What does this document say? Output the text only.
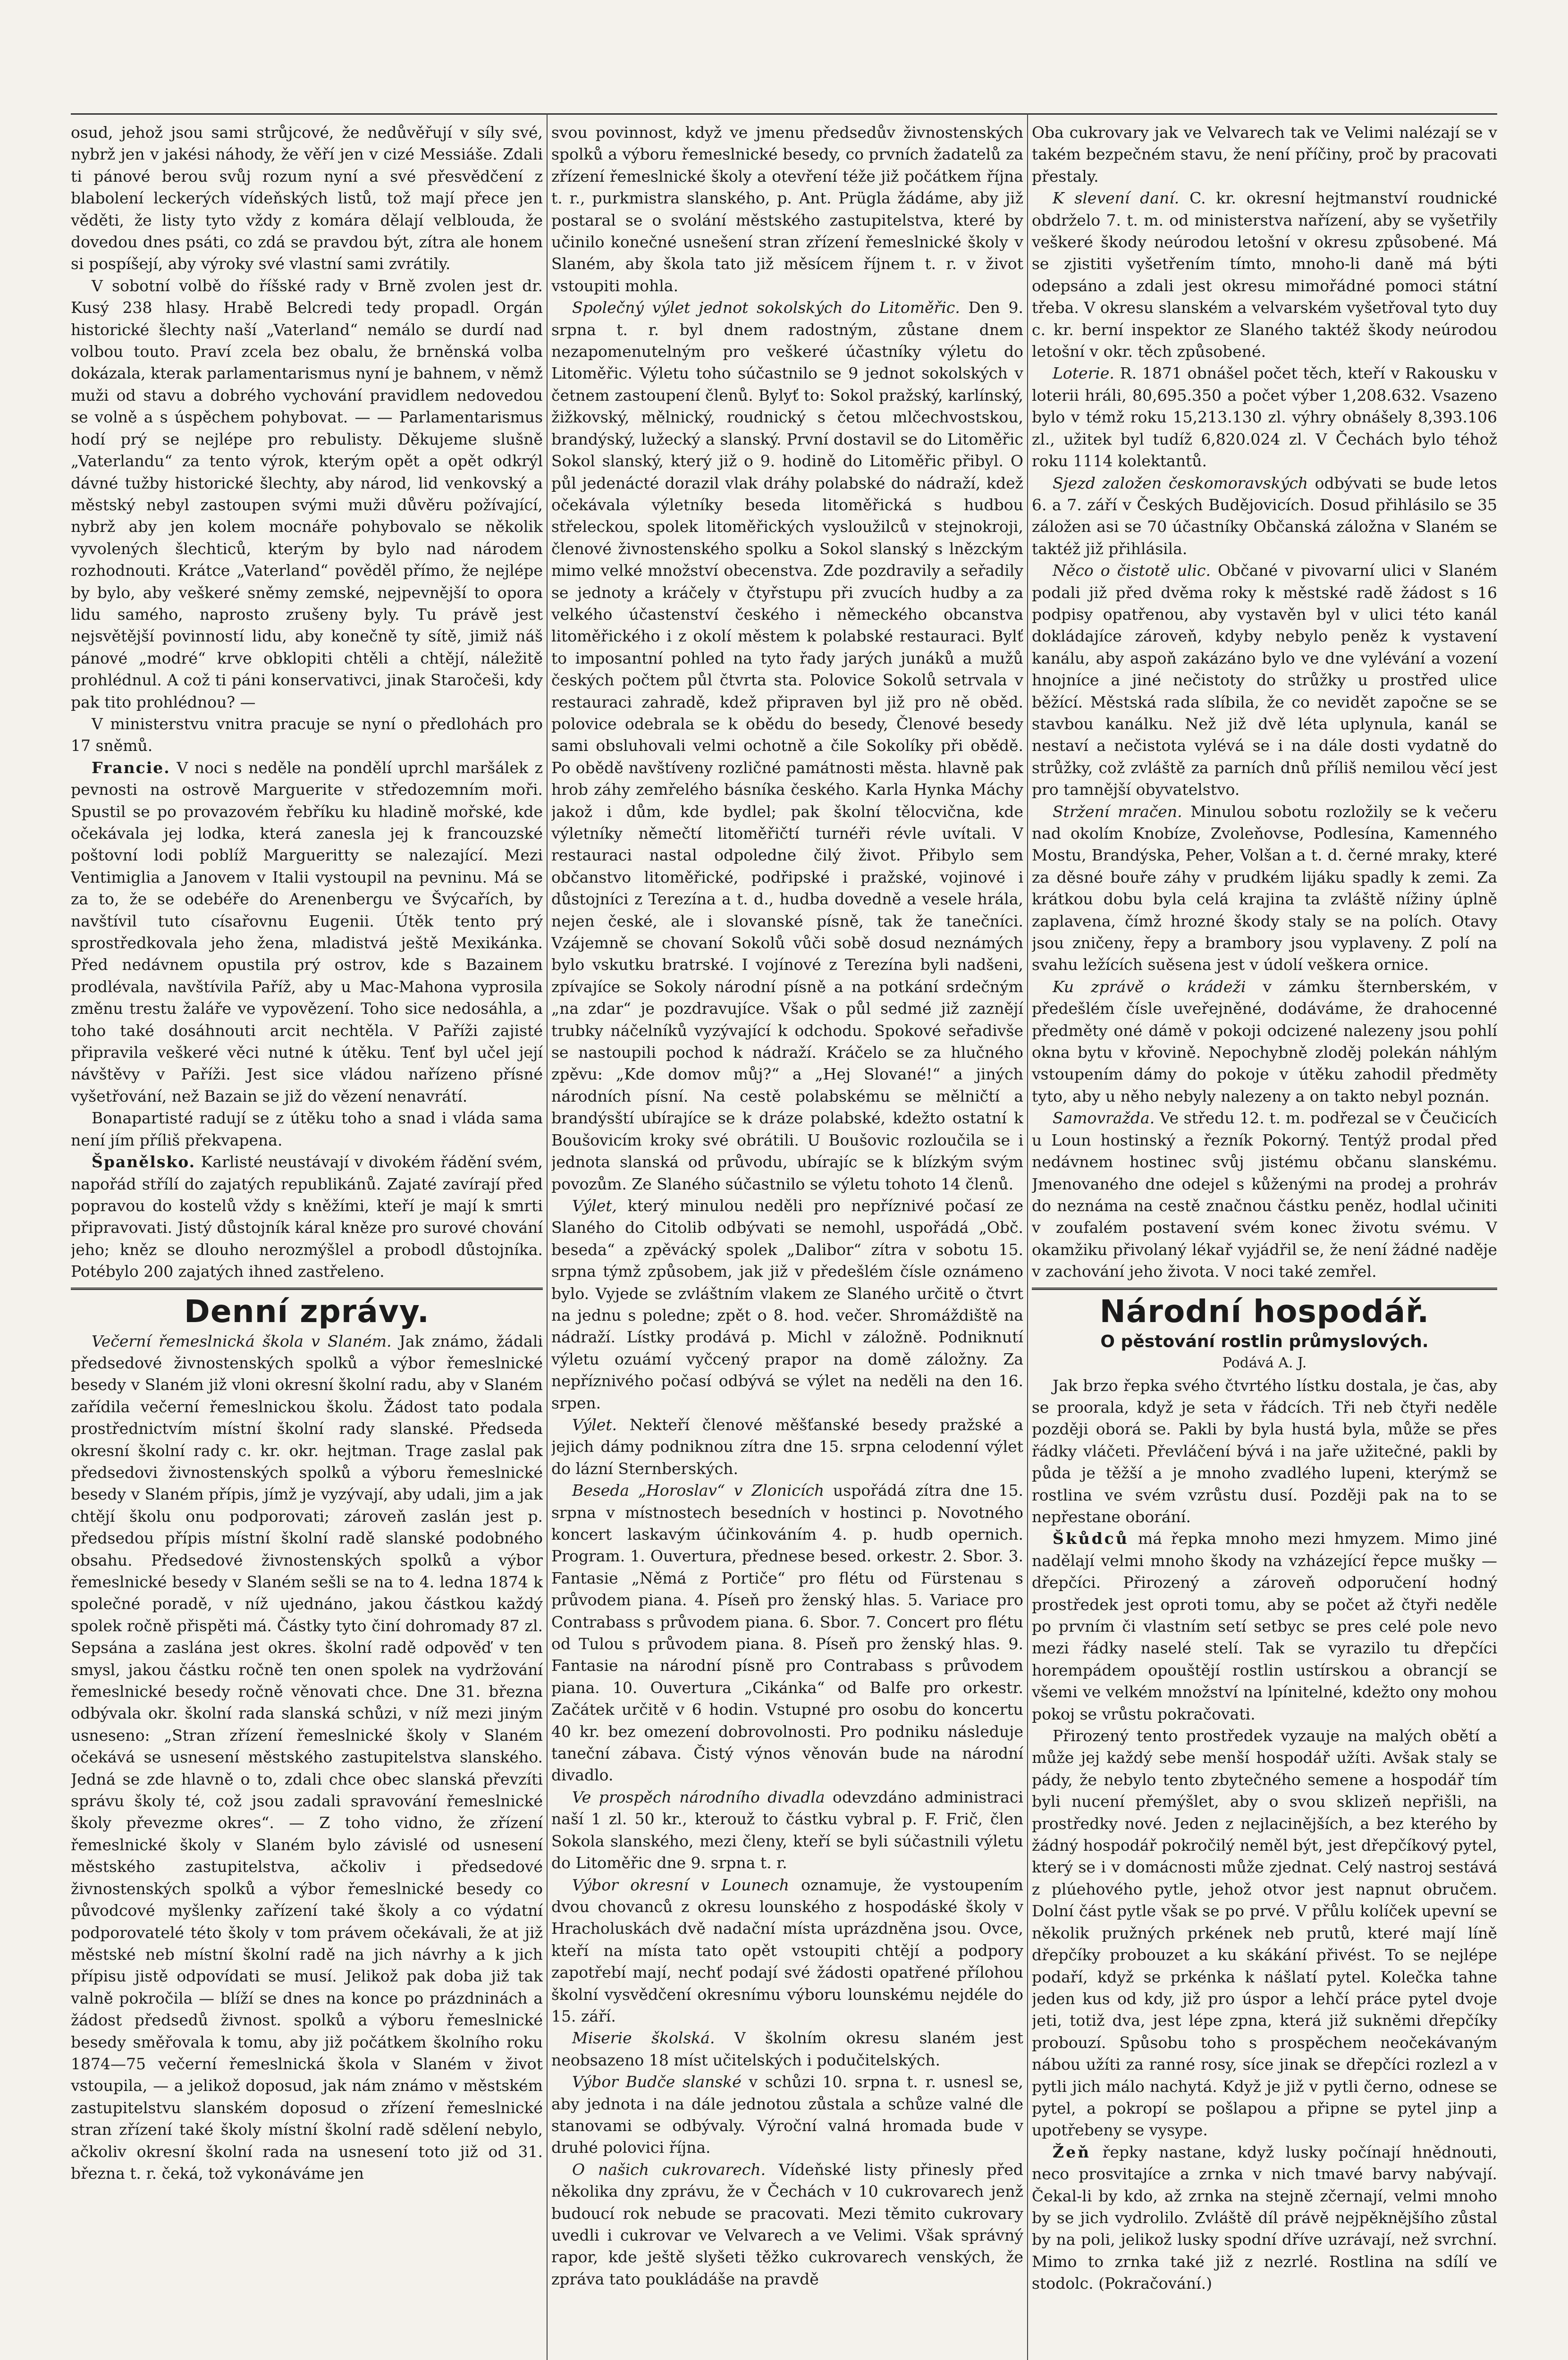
osud, jehož jsou sami strůjcové, že nedůvěřují v síly své, nybrž jen v jakési náhody, že věří jen v cizé Messiáše. Zdali ti pánové berou svůj rozum nyní a své přesvědčení z blabolení leckerých vídeňských listů, tož mají přece jen věděti, že listy tyto vždy z komára dělají velblouda, že dovedou dnes psáti, co zdá se pravdou být, zítra ale honem si pospíšejí, aby výroky své vlastní sami zvrátily.

V sobotní volbě do říšské rady v Brně zvolen jest dr. Kusý 238 hlasy. Hrabě Belcredi tedy propadl. Orgán historické šlechty naší „Vaterland“ nemálo se durdí nad volbou touto. Praví zcela bez obalu, že brněnská volba dokázala, kterak parlamentarismus nyní je bahnem, v němž muži od stavu a dobrého vychování pravidlem nedovedou se volně a s úspěchem pohybovat. — — Parlamentarismus hodí prý se nejlépe pro rebulisty. Děkujeme slušně „Vaterlandu“ za tento výrok, kterým opět a opět odkrýl dávné tužby historické šlechty, aby národ, lid venkovský a městský nebyl zastoupen svými muži důvěru požívající, nybrž aby jen kolem mocnáře pohybovalo se několik vyvolených šlechticů, kterým by bylo nad národem rozhodnouti. Krátce „Vaterland“ pověděl přímo, že nejlépe by bylo, aby veškeré sněmy zemské, nejpevnější to opora lidu samého, naprosto zrušeny byly. Tu právě jest nejsvětější povinností lidu, aby konečně ty sítě, jimiž náš pánové „modré“ krve obklopiti chtěli a chtějí, náležitě prohlédnul. A což ti páni konservativci, jinak Staročeši, kdy pak tito prohlédnou? —

V ministerstvu vnitra pracuje se nyní o předlohách pro 17 sněmů.

Francie. V noci s neděle na pondělí uprchl maršálek z pevnosti na ostrově Marguerite v středozemním moři. Spustil se po provazovém řebříku ku hladině mořské, kde očekávala jej lodka, která zanesla jej k francouzské poštovní lodi poblíž Margueritty se nalezající. Mezi Ventimiglia a Janovem v Italii vystoupil na pevninu. Má se za to, že se odebéře do Arenenbergu ve Švýcařích, by navštívil tuto císařovnu Eugenii. Útěk tento prý sprostředkovala jeho žena, mladistvá ještě Mexikánka. Před nedávnem opustila prý ostrov, kde s Bazainem prodlévala, navštívila Paříž, aby u Mac-Mahona vyprosila změnu trestu žaláře ve vypovězení. Toho sice nedosáhla, a toho také dosáhnouti arcit nechtěla. V Paříži zajisté připravila veškeré věci nutné k útěku. Tenť byl učel její návštěvy v Paříži. Jest sice vládou nařízeno přísné vyšetřování, než Bazain se již do vězení nenavrátí.

Bonapartisté radují se z útěku toho a snad i vláda sama není jím příliš překvapena.

Španělsko. Karlisté neustávají v divokém řádění svém, napořád střílí do zajatých republikánů. Zajaté zavírají před popravou do kostelů vždy s kněžími, kteří je mají k smrti připravovati. Jistý důstojník káral kněze pro surové chování jeho; kněz se dlouho nerozmýšlel a probodl důstojníka. Potébylo 200 zajatých ihned zastřeleno.

Denní zprávy.

Večerní řemeslnická škola v Slaném. Jak známo, žádali předsedové živnostenských spolků a výbor řemeslnické besedy v Slaném již vloni okresní školní radu, aby v Slaném zařídila večerní řemeslnickou školu. Žádost tato podala prostřednictvím místní školní rady slanské. Předseda okresní školní rady c. kr. okr. hejtman. Trage zaslal pak předsedovi živnostenských spolků a výboru řemeslnické besedy v Slaném přípis, jímž je vyzývají, aby udali, jim a jak chtějí školu onu podporovati; zároveň zaslán jest p. předsedou přípis místní školní radě slanské podobného obsahu. Předsedové živnostenských spolků a výbor řemeslnické besedy v Slaném sešli se na to 4. ledna 1874 k společné poradě, v níž ujednáno, jakou částkou každý spolek ročně přispěti má. Částky tyto činí dohromady 87 zl. Sepsána a zaslána jest okres. školní radě odpověď v ten smysl, jakou částku ročně ten onen spolek na vydržování řemeslnické besedy ročně věnovati chce. Dne 31. března odbývala okr. školní rada slanská schůzi, v níž mezi jiným usneseno: „Stran zřízení řemeslnické školy v Slaném očekává se usnesení městského zastupitelstva slanského. Jedná se zde hlavně o to, zdali chce obec slanská převzíti správu školy té, což jsou zadali spravování řemeslnické školy převezme okres“. — Z toho vidno, že zřízení řemeslnické školy v Slaném bylo závislé od usnesení městského zastupitelstva, ačkoliv i předsedové živnostenských spolků a výbor řemeslnické besedy co původcové myšlenky zařízení také školy a co výdatní podporovatelé této školy v tom právem očekávali, že at již městské neb místní školní radě na jich návrhy a k jich přípisu jistě odpovídati se musí. Jelikož pak doba již tak valně pokročila — blíží se dnes na konce po prázdninách a žádost předsedů živnost. spolků a výboru řemeslnické besedy směřovala k tomu, aby již počátkem školního roku 1874—75 večerní řemeslnická škola v Slaném v život vstoupila, — a jelikož doposud, jak nám známo v městském zastupitelstvu slanském doposud o zřízení řemeslnické stran zřízení také školy místní školní radě sdělení nebylo, ačkoliv okresní školní rada na usnesení toto již od 31. března t. r. čeká, tož vykonáváme jen

svou povinnost, když ve jmenu předsedův živnostenských spolků a výboru řemeslnické besedy, co prvních žadatelů za zřízení řemeslnické školy a otevření téže již počátkem října t. r., purkmistra slanského, p. Ant. Prügla žádáme, aby již postaral se o svolání městského zastupitelstva, které by učinilo konečné usnešení stran zřízení řemeslnické školy v Slaném, aby škola tato již měsícem říjnem t. r. v život vstoupiti mohla.

Společný výlet jednot sokolských do Litoměřic. Den 9. srpna t. r. byl dnem radostným, zůstane dnem nezapomenutelným pro veškeré účastníky výletu do Litoměřic. Výletu toho súčastnilo se 9 jednot sokolských v četnem zastoupení členů. Bylyť to: Sokol pražský, karlínský, žižkovský, mělnický, roudnický s četou mlčechvostskou, brandýský, lužecký a slanský. První dostavil se do Litoměřic Sokol slanský, který již o 9. hodině do Litoměřic přibyl. O půl jedenácté dorazil vlak dráhy polabské do nádraží, kdež očekávala výletníky beseda litoměřická s hudbou střeleckou, spolek litoměřických vysloužilců v stejnokroji, členové živnostenského spolku a Sokol slanský s lnězckým mimo velké množství obecenstva. Zde pozdravily a seřadily se jednoty a kráčely v čtyřstupu při zvucích hudby a za velkého účastenství českého i německého obcanstva litoměřického i z okolí městem k polabské restauraci. Bylť to imposantní pohled na tyto řady jarých junáků a mužů českých počtem půl čtvrta sta. Polovice Sokolů setrvala v restauraci zahradě, kdež připraven byl již pro ně oběd. polovice odebrala se k obědu do besedy, Členové besedy sami obsluhovali velmi ochotně a čile Sokolíky při obědě. Po obědě navštíveny rozličné památnosti města. hlavně pak hrob záhy zemřelého básníka českého. Karla Hynka Máchy jakož i dům, kde bydlel; pak školní tělocvična, kde výletníky němečtí litoměřičtí turnéři révle uvítali. V restauraci nastal odpoledne čilý život. Přibylo sem občanstvo litoměřické, podřipské i pražské, vojinové i důstojníci z Terezína a t. d., hudba dovedně a vesele hrála, nejen české, ale i slovanské písně, tak že tanečníci. Vzájemně se chovaní Sokolů vůči sobě dosud neznámých bylo vskutku bratrské. I vojínové z Terezína byli nadšeni, zpívajíce se Sokoly národní písně a na potkání srdečným „na zdar“ je pozdravujíce. Však o půl sedmé již zaznějí trubky náčelníků vyzývající k odchodu. Spokové seřadivše se nastoupili pochod k nádraží. Kráčelo se za hlučného zpěvu: „Kde domov můj?“ a „Hej Slované!“ a jiných národních písní. Na cestě polabskému se mělničtí a brandýsští ubírajíce se k dráze polabské, kdežto ostatní k Boušovicím kroky své obrátili. U Boušovic rozloučila se i jednota slanská od průvodu, ubírajíc se k blízkým svým povozům. Ze Slaného súčastnilo se výletu tohoto 14 členů.

Výlet, který minulou neděli pro nepříznivé počasí ze Slaného do Citolib odbývati se nemohl, uspořádá „Obč. beseda“ a zpěvácký spolek „Dalibor“ zítra v sobotu 15. srpna týmž způsobem, jak již v předešlém čísle oznámeno bylo. Vyjede se zvláštním vlakem ze Slaného určitě o čtvrt na jednu s poledne; zpět o 8. hod. večer. Shromáždiště na nádraží. Lístky prodává p. Michl v záložně. Podniknutí výletu ozuámí vyčcený prapor na domě záložny. Za nepříznivého počasí odbývá se výlet na neděli na den 16. srpen.

Výlet. Nekteří členové měšťanské besedy pražské a jejich dámy podniknou zítra dne 15. srpna celodenní výlet do lázní Sternberských.

Beseda „Horoslav“ v Zlonicích uspořádá zítra dne 15. srpna v místnostech besedních v hostinci p. Novotného koncert laskavým účinkováním 4. p. hudb opernich. Program. 1. Ouvertura, přednese besed. orkestr. 2. Sbor. 3. Fantasie „Němá z Portiče“ pro flétu od Fürstenau s průvodem piana. 4. Píseň pro ženský hlas. 5. Variace pro Contrabass s průvodem piana. 6. Sbor. 7. Concert pro flétu od Tulou s průvodem piana. 8. Píseň pro ženský hlas. 9. Fantasie na národní písně pro Contrabass s průvodem piana. 10. Ouvertura „Cikánka“ od Balfe pro orkestr. Začátek určitě v 6 hodin. Vstupné pro osobu do koncertu 40 kr. bez omezení dobrovolnosti. Pro podniku následuje taneční zábava. Čistý výnos věnován bude na národní divadlo.

Ve prospěch národního divadla odevzdáno administraci naší 1 zl. 50 kr., kterouž to částku vybral p. F. Frič, člen Sokola slanského, mezi členy, kteří se byli súčastnili výletu do Litoměřic dne 9. srpna t. r.

Výbor okresní v Lounech oznamuje, že vystoupením dvou chovanců z okresu lounského z hospodáské školy v Hracholuskách dvě nadační místa uprázdněna jsou. Ovce, kteří na místa tato opět vstoupiti chtějí a podpory zapotřebí mají, nechť podají své žádosti opatřené přílohou školní vysvědčení okresnímu výboru lounskému nejdéle do 15. září.

Miserie školská. V školním okresu slaném jest neobsazeno 18 míst učitelských i podučitelských.

Výbor Budče slanské v schůzi 10. srpna t. r. usnesl se, aby jednota i na dále jednotou zůstala a schůze valné dle stanovami se odbývaly. Výroční valná hromada bude v druhé polovici října.

O našich cukrovarech. Vídeňské listy přinesly před několika dny zprávu, že v Čechách v 10 cukrovarech jenž budoucí rok nebude se pracovati. Mezi těmito cukrovary uvedli i cukrovar ve Velvarech a ve Velimi. Však správný rapor, kde ještě slyšeti těžko cukrovarech venských, že zpráva tato poukládáše na pravdě

Oba cukrovary jak ve Velvarech tak ve Velimi nalézají se v takém bezpečném stavu, že není příčiny, proč by pracovati přestaly.

K slevení daní. C. kr. okresní hejtmanství roudnické obdrželo 7. t. m. od ministerstva nařízení, aby se vyšetřily veškeré škody neúrodou letošní v okresu způsobené. Má se zjistiti vyšetřením tímto, mnoho-li daně má býti odepsáno a zdali jest okresu mimořádné pomoci státní třeba. V okresu slanském a velvarském vyšetřoval tyto duy c. kr. berní inspektor ze Slaného taktéž škody neúrodou letošní v okr. těch způsobené.

Loterie. R. 1871 obnášel počet těch, kteří v Rakousku v loterii hráli, 80,695.350 a počet výber 1,208.632. Vsazeno bylo v témž roku 15,213.130 zl. výhry obnášely 8,393.106 zl., užitek byl tudíž 6,820.024 zl. V Čechách bylo téhož roku 1114 kolektantů.

Sjezd založen českomoravských odbývati se bude letos 6. a 7. září v Českých Budějovicích. Dosud přihlásilo se 35 záložen asi se 70 účastníky Občanská záložna v Slaném se taktéž již přihlásila.

Něco o čistotě ulic. Občané v pivovarní ulici v Slaném podali již před dvěma roky k městské radě žádost s 16 podpisy opatřenou, aby vystavěn byl v ulici této kanál dokládajíce zároveň, kdyby nebylo peněz k vystavení kanálu, aby aspoň zakázáno bylo ve dne vylévání a vození hnojníce a jiné nečistoty do strůžky u prostřed ulice běžící. Městská rada slíbila, že co nevidět započne se se stavbou kanálku. Než již dvě léta uplynula, kanál se nestaví a nečistota vylévá se i na dále dosti vydatně do strůžky, což zvláště za parních dnů příliš nemilou věcí jest pro tamnější obyvatelstvo.

Stržení mračen. Minulou sobotu rozložily se k večeru nad okolím Knobíze, Zvoleňovse, Podlesína, Kamenného Mostu, Brandýska, Peher, Volšan a t. d. černé mraky, které za děsné bouře záhy v prudkém lijáku spadly k zemi. Za krátkou dobu byla celá krajina ta zvláště nížiny úplně zaplavena, čímž hrozné škody staly se na polích. Otavy jsou zničeny, řepy a brambory jsou vyplaveny. Z polí na svahu ležících suěsena jest v údolí veškera ornice.

Ku zprávě o krádeži v zámku šternberském, v předešlém čísle uveřejněné, dodáváme, že drahocenné předměty oné dámě v pokoji odcizené nalezeny jsou pohlí okna bytu v křovině. Nepochybně zloděj polekán náhlým vstoupením dámy do pokoje v útěku zahodil předměty tyto, aby u něho nebyly nalezeny a on takto nebyl poznán.

Samovražda. Ve středu 12. t. m. podřezal se v Čeučicích u Loun hostinský a řezník Pokorný. Tentýž prodal před nedávnem hostinec svůj jistému občanu slanskému. Jmenovaného dne odejel s kůženými na prodej a prohráv do neznáma na cestě značnou částku peněz, hodlal učiniti v zoufalém postavení svém konec životu svému. V okamžiku přivolaný lékař vyjádřil se, že není žádné naděje v zachování jeho života. V noci také zemřel.

Národní hospodář.
O pěstování rostlin průmyslových.
Podává A. J.

Jak brzo řepka svého čtvrtého lístku dostala, je čas, aby se proorala, když je seta v řádcích. Tři neb čtyři neděle později oborá se. Pakli by byla hustá byla, může se přes řádky vláčeti. Převláčení bývá i na jaře užitečné, pakli by půda je těžší a je mnoho zvadlého lupeni, kterýmž se rostlina ve svém vzrůstu dusí. Později pak na to se nepřestane oborání.

Škůdců má řepka mnoho mezi hmyzem. Mimo jiné nadělají velmi mnoho škody na vzházející řepce mušky — dřepčíci. Přirozený a zároveň odporučení hodný prostředek jest oproti tomu, aby se počet až čtyři neděle po prvním či vlastním setí setbyc se pres celé pole nevo mezi řádky naselé stelí. Tak se vyrazilo tu dřepčíci horempádem opouštějí rostlin ustírskou a obrancjí se všemi ve velkém množství na lpínitelné, kdežto ony mohou pokoj se vrůstu pokračovati.

Přirozený tento prostředek vyzauje na malých obětí a může jej každý sebe menší hospodář užíti. Avšak staly se pády, že nebylo tento zbytečného semene a hospodář tím byli nucení přemýšlet, aby o svou sklizeň nepřišli, na prostředky nové. Jeden z nejlacinějších, a bez kterého by žádný hospodář pokročilý neměl být, jest dřepčíkový pytel, který se i v domácnosti může zjednat. Celý nastroj sestává z plúehového pytle, jehož otvor jest napnut obručem. Dolní část pytle však se po prvé. V přůlu kolíček upevní se několik pružných prkének neb prutů, které mají líně dřepčíky probouzet a ku skákání přivést. To se nejlépe podaří, když se prkénka k nášlatí pytel. Kolečka tahne jeden kus od kdy, již pro úspor a lehčí práce pytel dvoje jeti, totiž dva, jest lépe zpna, která již sukněmi dřepčíky probouzí. Spůsobu toho s prospěchem neočekávaným nábou užíti za ranné rosy, síce jinak se dřepčíci rozlezl a v pytli jich málo nachytá. Když je již v pytli černo, odnese se pytel, a pokropí se pošlapou a připne se pytel jinp a upotřebeny se vysype.

Žeň řepky nastane, když lusky počínají hnědnouti, neco prosvitajíce a zrnka v nich tmavé barvy nabývají. Čekal-li by kdo, až zrnka na stejně zčernají, velmi mnoho by se jich vydrolilo. Zvláště díl právě nejpěknějšího zůstal by na poli, jelikož lusky spodní dříve uzrávají, než svrchní. Mimo to zrnka také již z nezrlé. Rostlina na sdílí ve stodolc. (Pokračování.)
